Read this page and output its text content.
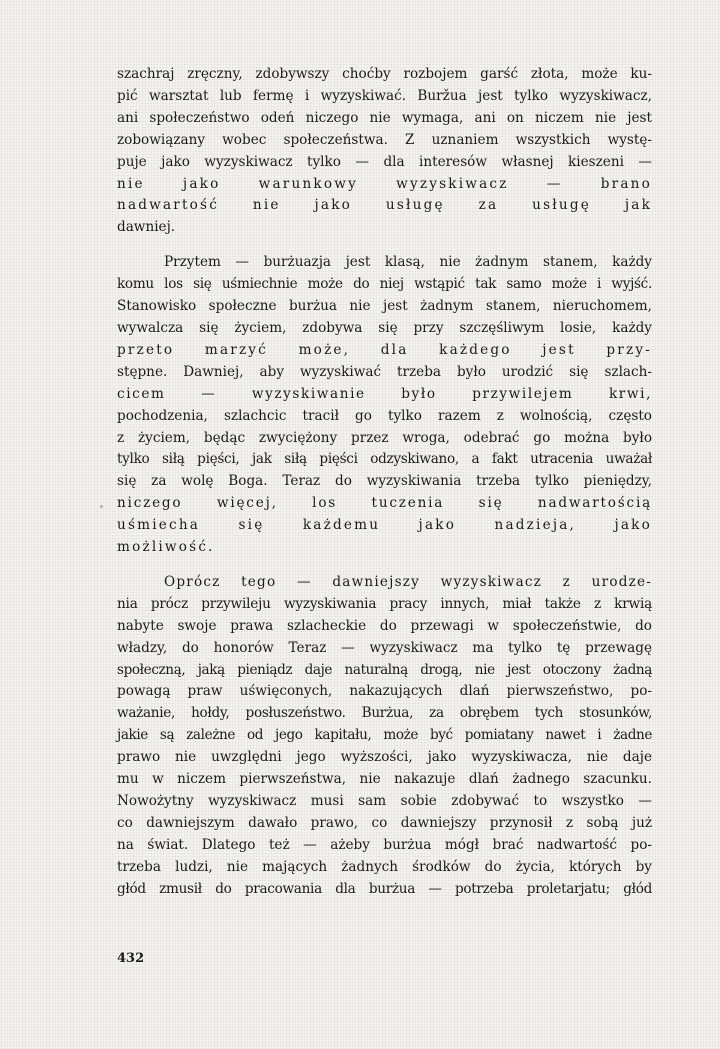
szachraj zręczny, zdobywszy choćby rozbojem garść złota, może ku-
pić warsztat lub fermę i wyzyskiwać. Buržua jest tylko wyzyskiwacz,
ani społeczeństwo odeń niczego nie wymaga, ani on niczem nie jest
zobowiązany wobec społeczeństwa. Z uznaniem wszystkich wystę-
puje jako wyzyskiwacz tylko — dla interesów własnej kieszeni —
nie jako warunkowy wyzyskiwacz — brano
nadwartość nie jako usługę za usługę jak
dawniej.

Przytem — burżuazja jest klasą, nie żadnym stanem, każdy
komu los się uśmiechnie może do niej wstąpić tak samo może i wyjść.
Stanowisko społeczne burżua nie jest żadnym stanem, nieruchomem,
wywalcza się życiem, zdobywa się przy szczęśliwym losie, każdy
przeto marzyć może, dla każdego jest przy-
stępne. Dawniej, aby wyzyskiwać trzeba było urodzić się szlach-
cicem — wyzyskiwanie było przywilejem krwi,
pochodzenia, szlachcic tracił go tylko razem z wolnością, często
z życiem, będąc zwyciężony przez wroga, odebrać go można było
tylko siłą pięści, jak siłą pięści odzyskiwano, a fakt utracenia uważał
się za wolę Boga. Teraz do wyzyskiwania trzeba tylko pieniędzy,
niczego więcej, los tuczenia się nadwartością
uśmiecha się każdemu jako nadzieja, jako
możliwość.

Oprócz tego — dawniejszy wyzyskiwacz z urodze-
nia prócz przywileju wyzyskiwania pracy innych, miał także z krwią
nabyte swoje prawa szlacheckie do przewagi w społeczeństwie, do
władzy, do honorów Teraz — wyzyskiwacz ma tylko tę przewagę
społeczną, jaką pieniądz daje naturalną drogą, nie jest otoczony żadną
powagą praw uświęconych, nakazujących dlań pierwszeństwo, po-
ważanie, hołdy, posłuszeństwo. Burżua, za obrębem tych stosunków,
jakie są zależne od jego kapitału, może być pomiatany nawet i żadne
prawo nie uwzględni jego wyższości, jako wyzyskiwacza, nie daje
mu w niczem pierwszeństwa, nie nakazuje dlań żadnego szacunku.
Nowożytny wyzyskiwacz musi sam sobie zdobywać to wszystko —
co dawniejszym dawało prawo, co dawniejszy przynosił z sobą już
na świat. Dlatego też — ażeby burżua mógł brać nadwartość po-
trzeba ludzi, nie mających żadnych środków do życia, których by
głód zmusił do pracowania dla burżua — potrzeba proletarjatu; głód

432
